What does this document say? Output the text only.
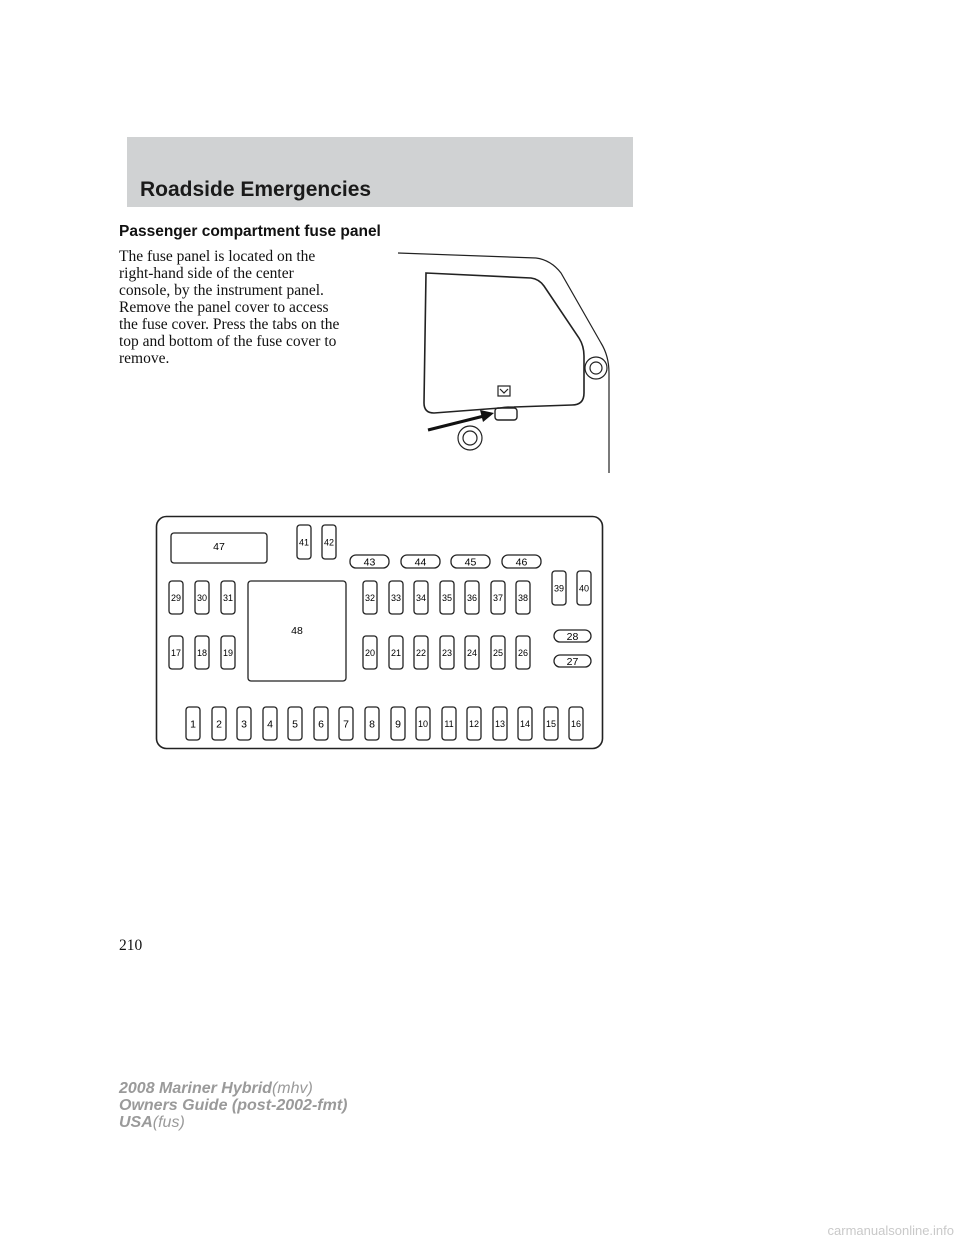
Roadside Emergencies
Passenger compartment fuse panel
The fuse panel is located on the
right-hand side of the center
console, by the instrument panel.
Remove the panel cover to access
the fuse cover. Press the tabs on the
top and bottom of the fuse cover to
remove.
1 2 3 4 5 6 7 8 9 10 11 12 13 14 15 16
17 18 19
29 30 31
20 21 22 23 24 25 26
32 33 34 35 36 37 38
39 40
28
27
41 42
43	44	45	46
47
48
210
2008 Mariner Hybrid(mhv)
Owners Guide (post-2002-fmt)
USA(fus)
carmanualsonline.info
